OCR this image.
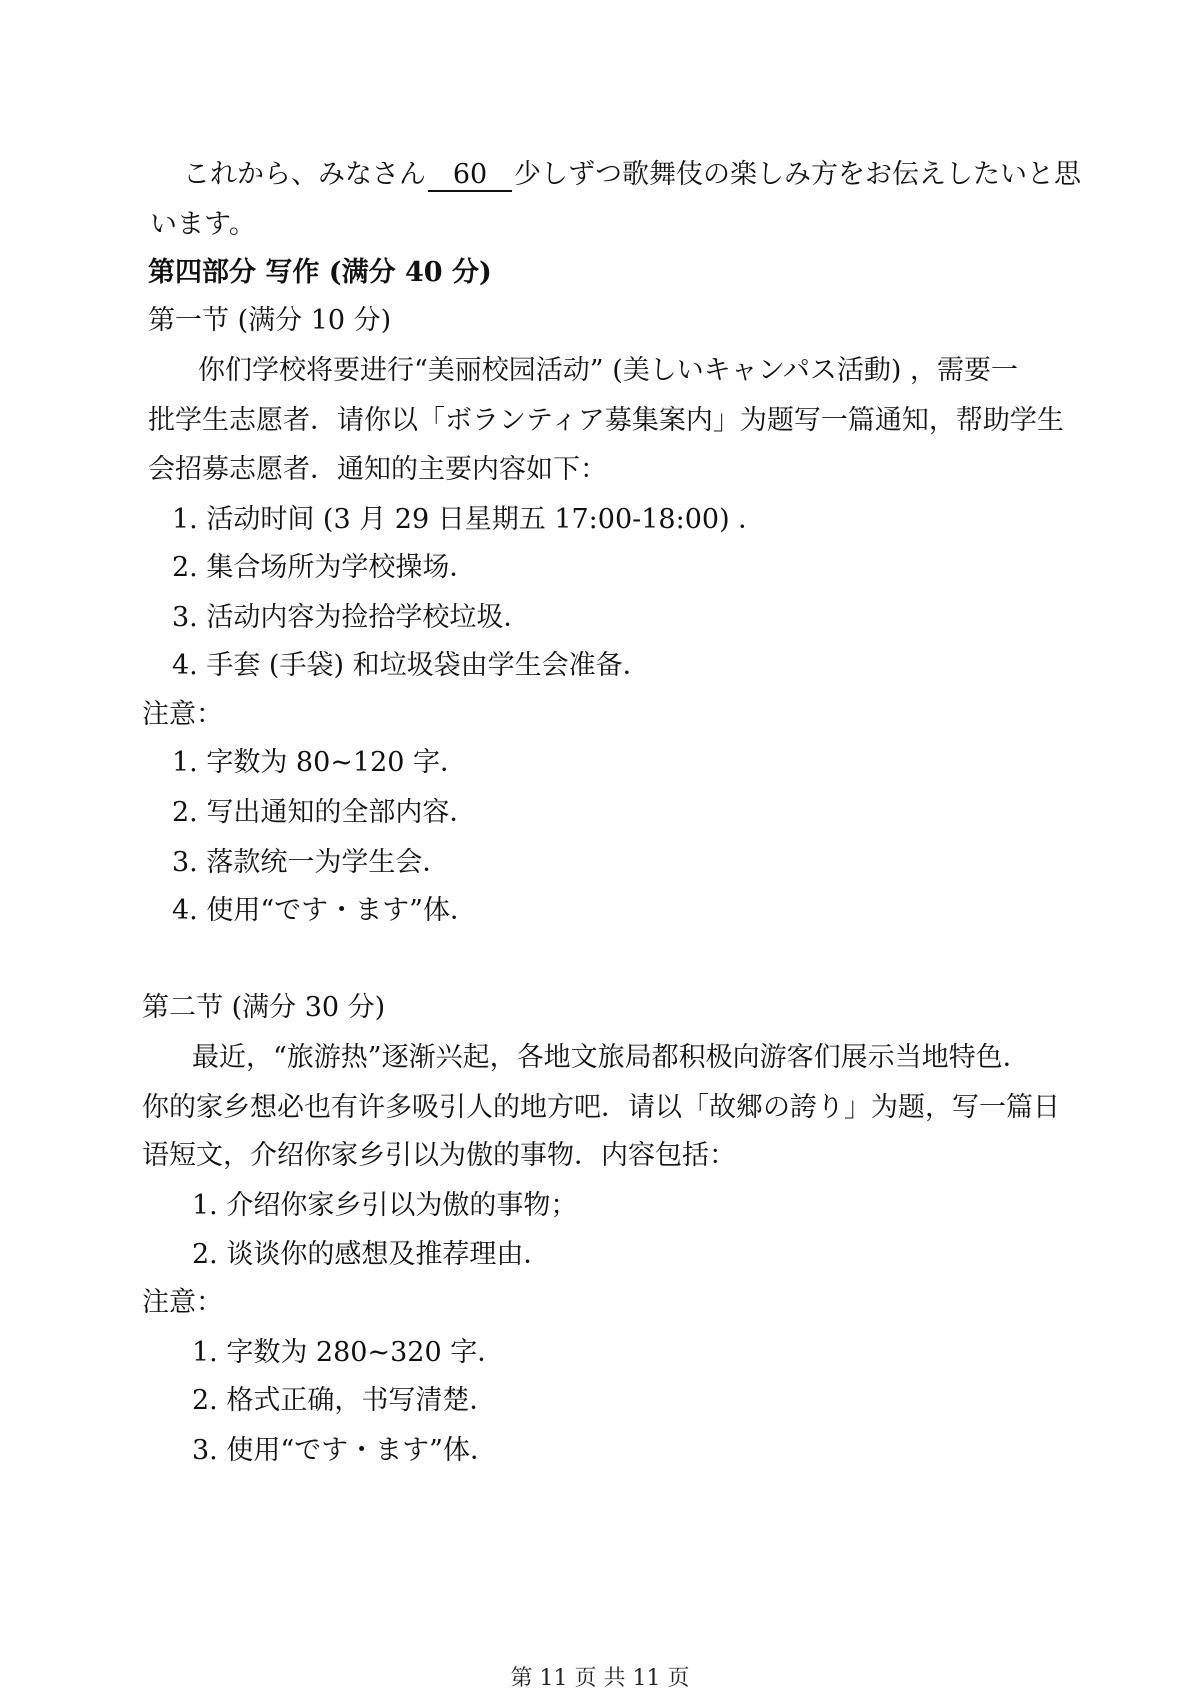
これから、みなさん 60 少しずつ歌舞伎の楽しみ方をお伝えしたいと思
います。
第四部分 写作 (满分 40 分)
第一节 (满分 10 分)
你们学校将要进行“美丽校园活动” (美しいキャンパス活動) ，需要一
批学生志愿者．请你以「ボランティア募集案内」为题写一篇通知，帮助学生
会招募志愿者．通知的主要内容如下：
1. 活动时间 (3 月 29 日星期五 17:00-18:00) ．
2. 集合场所为学校操场．
3. 活动内容为捡拾学校垃圾．
4. 手套 (手袋) 和垃圾袋由学生会准备．
注意：
1. 字数为 80~120 字．
2. 写出通知的全部内容．
3. 落款统一为学生会．
4. 使用“です・ます”体．
第二节 (满分 30 分)
最近，“旅游热”逐渐兴起，各地文旅局都积极向游客们展示当地特色．
你的家乡想必也有许多吸引人的地方吧．请以「故郷の誇り」为题，写一篇日
语短文，介绍你家乡引以为傲的事物．内容包括：
1. 介绍你家乡引以为傲的事物；
2. 谈谈你的感想及推荐理由．
注意：
1. 字数为 280~320 字．
2. 格式正确，书写清楚．
3. 使用“です・ます”体．
第 11 页 共 11 页
